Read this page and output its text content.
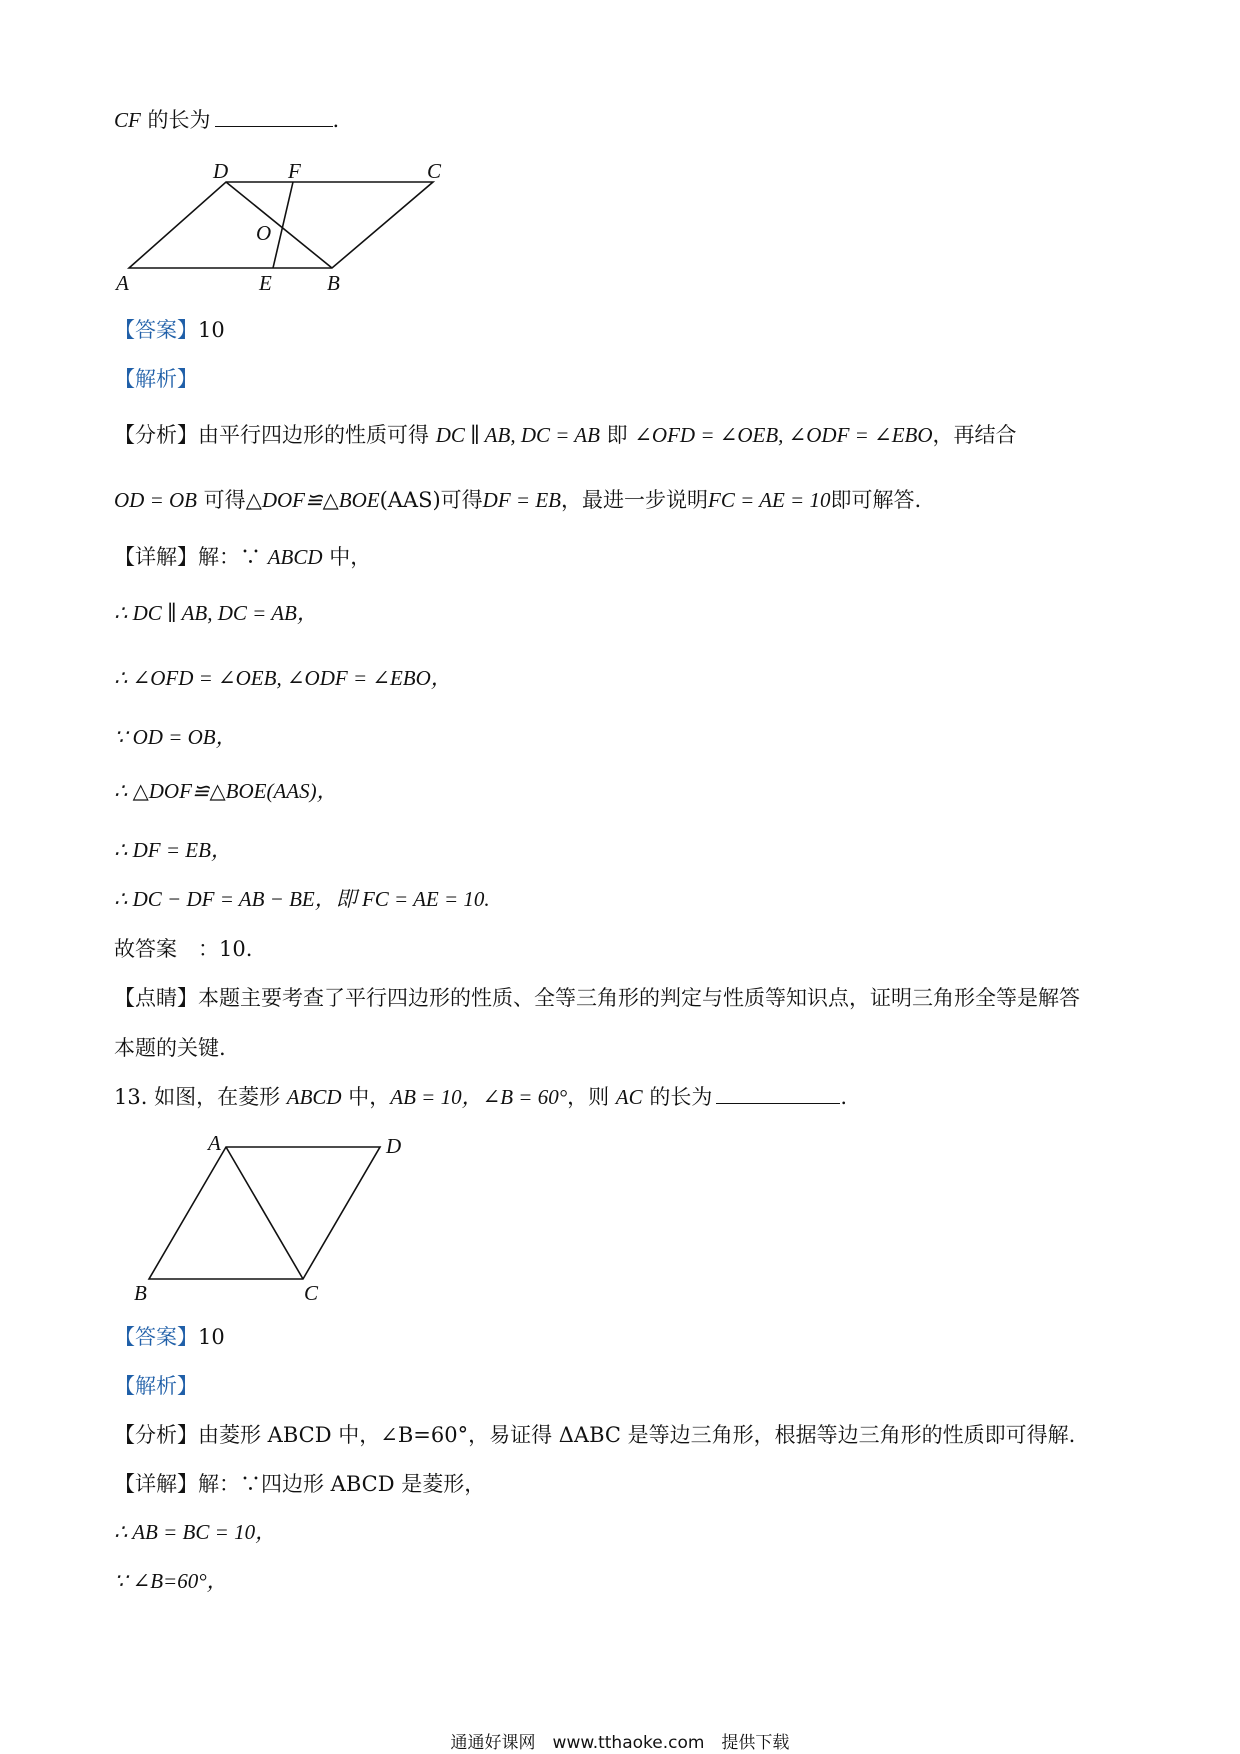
CF 的长为	.
D	F	C
O
A	E	B
A	D
B	C
【答案】10
【解析】
【分析】由平行四边形的性质可得 DC ∥ AB, DC = AB 即 ∠OFD = ∠OEB, ∠ODF = ∠EBO，再结合
OD = OB 可得△DOF≌△BOE(AAS)可得DF = EB，最进一步说明FC = AE = 10即可解答.
【详解】解：∵ ABCD 中，
∴ DC ∥ AB, DC = AB，
∴ ∠OFD = ∠OEB, ∠ODF = ∠EBO，
∵ OD = OB，
∴ △DOF≌△BOE(AAS)，
∴ DF = EB，
∴ DC − DF = AB − BE，即 FC = AE = 10.
故答案　：10.
【点睛】本题主要考查了平行四边形的性质、全等三角形的判定与性质等知识点，证明三角形全等是解答
本题的关键.
13. 如图，在菱形 ABCD 中，AB = 10，∠B = 60°，则 AC 的长为	.
【答案】10
【解析】
【分析】由菱形 ABCD 中，∠B=60°，易证得 ΔABC 是等边三角形，根据等边三角形的性质即可得解.
【详解】解：∵四边形 ABCD 是菱形，
∴ AB = BC = 10，
∵ ∠B=60°，
通通好课网　www.tthaoke.com　提供下载
